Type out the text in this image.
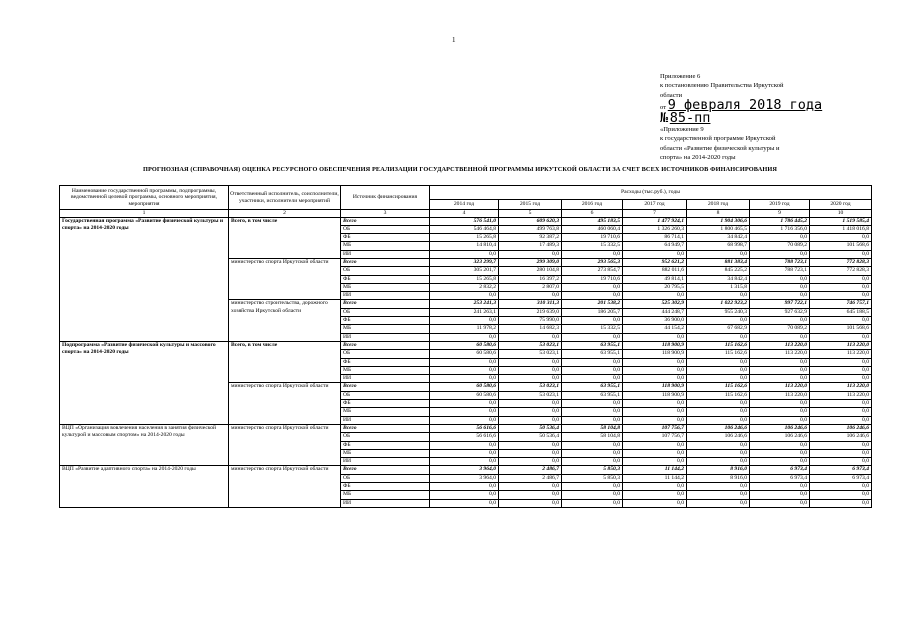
1
Приложение 6
к постановлению Правительства Иркутской
области
от 9 февраля 2018 года
№ 85-пп
«Приложение 9
к государственной программе Иркутской
области «Развитие физической культуры и
спорта» на 2014-2020 годы
ПРОГНОЗНАЯ (СПРАВОЧНАЯ) ОЦЕНКА РЕСУРСНОГО ОБЕСПЕЧЕНИЯ РЕАЛИЗАЦИИ ГОСУДАРСТВЕННОЙ ПРОГРАММЫ ИРКУТСКОЙ ОБЛАСТИ ЗА СЧЕТ ВСЕХ ИСТОЧНИКОВ ФИНАНСИРОВАНИЯ
Наименование государственной программы, подпрограммы, ведомственной целевой программы, основного мероприятия, мероприятия	Ответственный исполнитель, соисполнители, участники, исполнители мероприятий	Источник финансирования	Расходы (тыс.руб.), годы						
			2014 год	2015 год	2016 год	2017 год	2018 год	2019 год	2020 год
1	2	3	4	5	6	7	8	9	10
Государственная программа «Развитие физической культуры и спорта» на 2014-2020 годы	Всего, в том числе	Всего	576 541,0	609 620,3	495 183,5	1 477 924,1	1 904 306,6	1 786 445,2	1 519 585,4
		ОБ	546 464,8	499 763,8	460 060,4	1 326 260,3	1 800 465,5	1 716 356,0	1 418 016,8
		ФБ	15 265,8	92 387,2	19 710,6	86 714,1	34 842,4	0,0	0,0
		МБ	14 810,4	17 489,3	15 332,5	64 949,7	68 998,7	70 089,2	101 568,6
		ИИ	0,0	0,0	0,0	0,0	0,0	0,0	0,0
	министерство спорта Иркутской области	Всего	323 299,7	299 309,0	293 565,3	952 621,2	881 383,4	788 723,1	772 828,3
		ОБ	305 201,7	280 104,8	273 854,7	882 011,6	845 225,2	788 723,1	772 828,3
		ФБ	15 265,8	16 397,2	19 710,6	49 814,1	34 842,4	0,0	0,0
		МБ	2 832,2	2 807,0	0,0	20 795,5	1 315,8	0,0	0,0
		ИИ	0,0	0,0	0,0	0,0	0,0	0,0	0,0
	министерство строительства, дорожного хозяйства Иркутской области	Всего	253 241,3	310 311,3	201 538,2	525 302,9	1 022 923,2	997 722,1	746 757,1
		ОБ	241 263,1	219 639,0	186 205,7	444 248,7	955 240,3	927 632,9	645 188,5
		ФБ	0,0	75 990,0	0,0	36 900,0	0,0	0,0	0,0
		МБ	11 978,2	14 682,3	15 332,5	44 154,2	67 682,9	70 089,2	101 568,6
		ИИ	0,0	0,0	0,0	0,0	0,0	0,0	0,0
Подпрограмма «Развитие физической культуры и массового спорта» на 2014-2020 годы	Всего, в том числе	Всего	60 580,6	53 023,1	63 955,1	118 900,9	115 162,6	113 220,0	113 220,0
		ОБ	60 580,6	53 023,1	63 955,1	118 900,9	115 162,6	113 220,0	113 220,0
		ФБ	0,0	0,0	0,0	0,0	0,0	0,0	0,0
		МБ	0,0	0,0	0,0	0,0	0,0	0,0	0,0
		ИИ	0,0	0,0	0,0	0,0	0,0	0,0	0,0
	министерство спорта Иркутской области	Всего	60 580,6	53 023,1	63 955,1	118 900,9	115 162,6	113 220,0	113 220,0
		ОБ	60 580,6	53 023,1	63 955,1	118 900,9	115 162,6	113 220,0	113 220,0
		ФБ	0,0	0,0	0,0	0,0	0,0	0,0	0,0
		МБ	0,0	0,0	0,0	0,0	0,0	0,0	0,0
		ИИ	0,0	0,0	0,0	0,0	0,0	0,0	0,0
ВЦП «Организация вовлечения населения в занятия физической культурой и массовым спортом» на 2014-2020 годы	министерство спорта Иркутской области	Всего	56 616,6	50 536,4	58 104,8	107 756,7	106 246,6	106 246,6	106 246,6
		ОБ	56 616,6	50 536,4	58 104,8	107 756,7	106 246,6	106 246,6	106 246,6
		ФБ	0,0	0,0	0,0	0,0	0,0	0,0	0,0
		МБ	0,0	0,0	0,0	0,0	0,0	0,0	0,0
		ИИ	0,0	0,0	0,0	0,0	0,0	0,0	0,0
ВЦП «Развитие адаптивного спорта» на 2014-2020 годы	министерство спорта Иркутской области	Всего	3 964,0	2 486,7	5 850,3	11 144,2	8 916,0	6 973,4	6 973,4
		ОБ	3 964,0	2 486,7	5 850,3	11 144,2	8 916,0	6 973,4	6 973,4
		ФБ	0,0	0,0	0,0	0,0	0,0	0,0	0,0
		МБ	0,0	0,0	0,0	0,0	0,0	0,0	0,0
		ИИ	0,0	0,0	0,0	0,0	0,0	0,0	0,0
